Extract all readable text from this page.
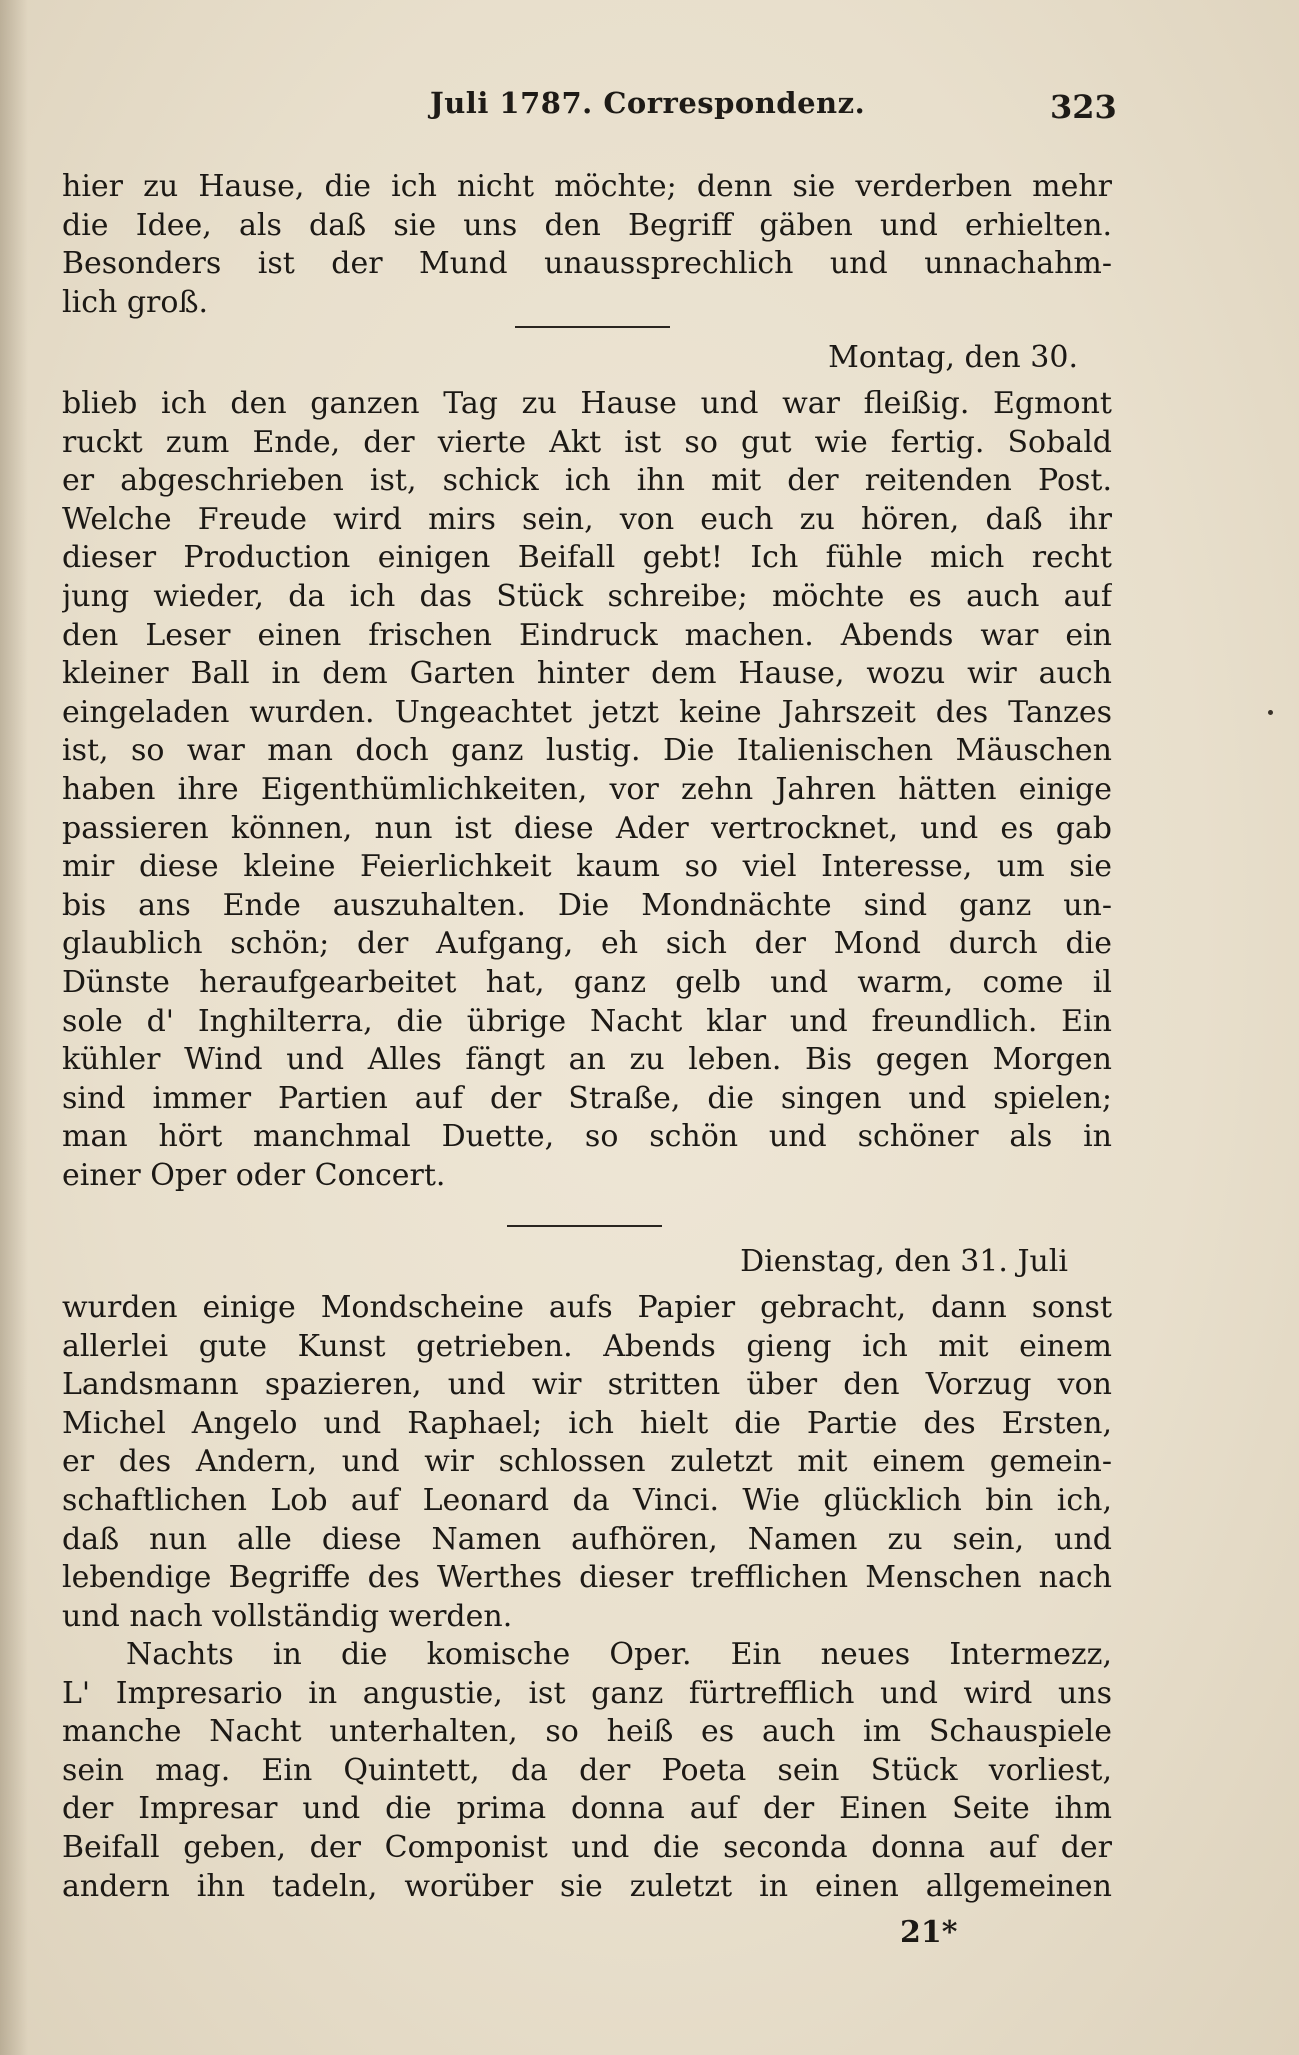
Juli 1787. Correspondenz.	323
hier zu Hause, die ich nicht möchte; denn sie verderben mehr
die Idee, als daß sie uns den Begriff gäben und erhielten.
Besonders ist der Mund unaussprechlich und unnachahm-
lich groß.
Montag, den 30.
blieb ich den ganzen Tag zu Hause und war fleißig. Egmont
ruckt zum Ende, der vierte Akt ist so gut wie fertig. Sobald
er abgeschrieben ist, schick ich ihn mit der reitenden Post.
Welche Freude wird mirs sein, von euch zu hören, daß ihr
dieser Production einigen Beifall gebt! Ich fühle mich recht
jung wieder, da ich das Stück schreibe; möchte es auch auf
den Leser einen frischen Eindruck machen. Abends war ein
kleiner Ball in dem Garten hinter dem Hause, wozu wir auch
eingeladen wurden. Ungeachtet jetzt keine Jahrszeit des Tanzes
ist, so war man doch ganz lustig. Die Italienischen Mäuschen
haben ihre Eigenthümlichkeiten, vor zehn Jahren hätten einige
passieren können, nun ist diese Ader vertrocknet, und es gab
mir diese kleine Feierlichkeit kaum so viel Interesse, um sie
bis ans Ende auszuhalten. Die Mondnächte sind ganz un-
glaublich schön; der Aufgang, eh sich der Mond durch die
Dünste heraufgearbeitet hat, ganz gelb und warm, come il
sole d' Inghilterra, die übrige Nacht klar und freundlich. Ein
kühler Wind und Alles fängt an zu leben. Bis gegen Morgen
sind immer Partien auf der Straße, die singen und spielen;
man hört manchmal Duette, so schön und schöner als in
einer Oper oder Concert.
Dienstag, den 31. Juli
wurden einige Mondscheine aufs Papier gebracht, dann sonst
allerlei gute Kunst getrieben. Abends gieng ich mit einem
Landsmann spazieren, und wir stritten über den Vorzug von
Michel Angelo und Raphael; ich hielt die Partie des Ersten,
er des Andern, und wir schlossen zuletzt mit einem gemein-
schaftlichen Lob auf Leonard da Vinci. Wie glücklich bin ich,
daß nun alle diese Namen aufhören, Namen zu sein, und
lebendige Begriffe des Werthes dieser trefflichen Menschen nach
und nach vollständig werden.
Nachts in die komische Oper. Ein neues Intermezz,
L' Impresario in angustie, ist ganz fürtrefflich und wird uns
manche Nacht unterhalten, so heiß es auch im Schauspiele
sein mag. Ein Quintett, da der Poeta sein Stück vorliest,
der Impresar und die prima donna auf der Einen Seite ihm
Beifall geben, der Componist und die seconda donna auf der
andern ihn tadeln, worüber sie zuletzt in einen allgemeinen
21*
